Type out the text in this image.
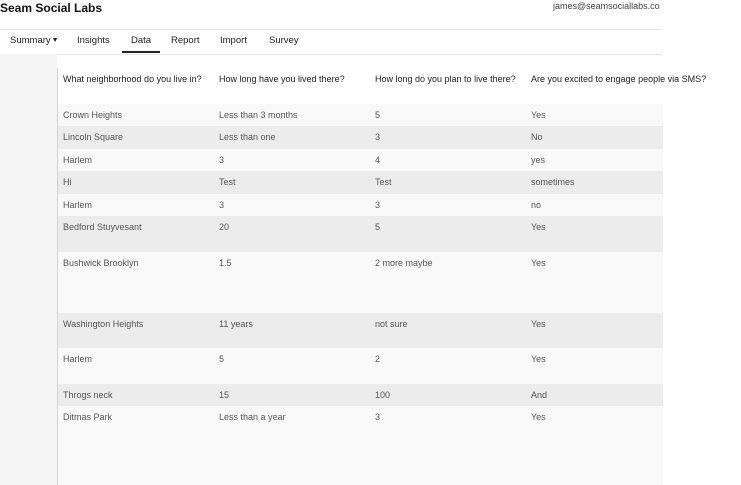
Seam Social Labs	james@seamsociallabs.co
Summary▼ Insights	Data	Report Import Survey
What neighborhood do you live in?	How long have you lived there?	How long do you plan to live there?	Are you excited to engage people via SMS?
Crown Heights	Less than 3 months	5	Yes
Lincoln Square	Less than one	3	No
Harlem	3	4	yes
Hi	Test	Test	sometimes
Harlem	3	3	no
Bedford Stuyvesant	20	5	Yes
Bushwick Brooklyn	1.5	2 more maybe	Yes
Washington Heights	11 years	not sure	Yes
Harlem	5	2	Yes
Throgs neck	15	100	And
Ditmas Park	Less than a year	3	Yes
